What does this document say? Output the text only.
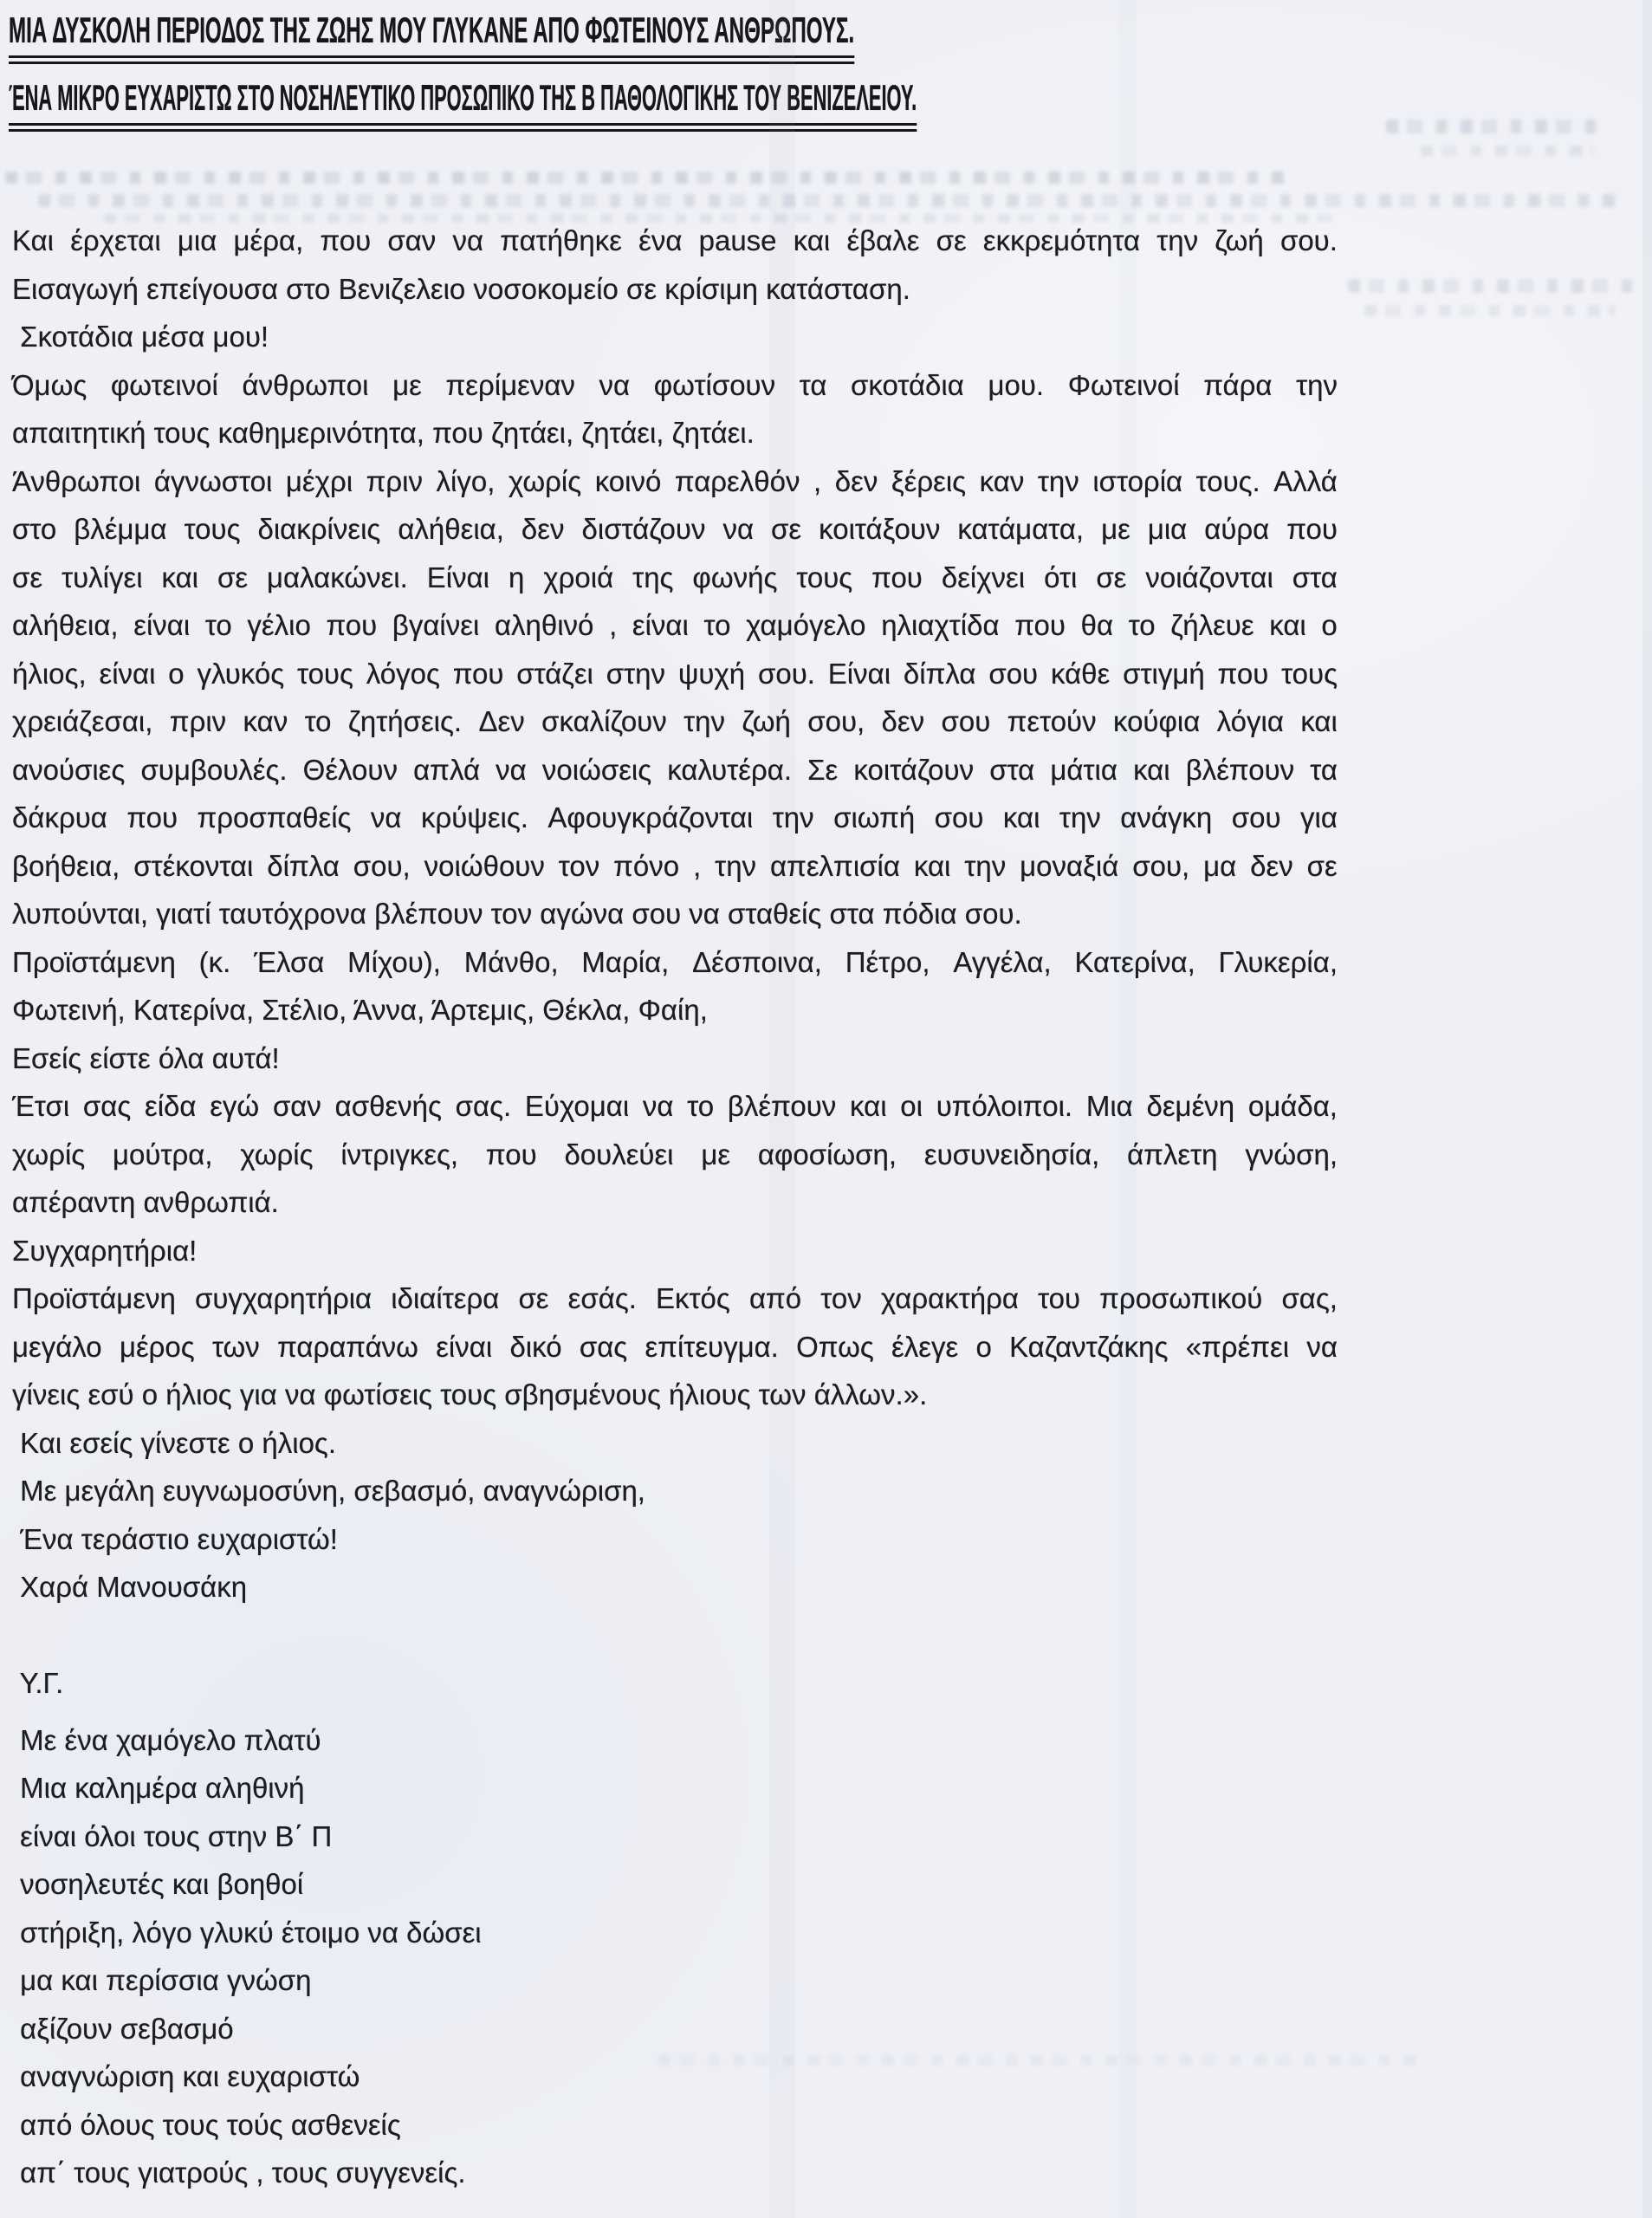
ΜΙΑ ΔΥΣΚΟΛΗ ΠΕΡΙΟΔΟΣ ΤΗΣ ΖΩΗΣ ΜΟΥ ΓΛΥΚΑΝΕ ΑΠΟ ΦΩΤΕΙΝΟΥΣ ΑΝΘΡΩΠΟΥΣ.
ΈΝΑ ΜΙΚΡΟ ΕΥΧΑΡΙΣΤΩ ΣΤΟ ΝΟΣΗΛΕΥΤΙΚΟ ΠΡΟΣΩΠΙΚΟ ΤΗΣ Β ΠΑΘΟΛΟΓΙΚΗΣ ΤΟΥ ΒΕΝΙΖΕΛΕΙΟΥ.
Και έρχεται μια μέρα, που σαν να πατήθηκε ένα pause και έβαλε σε εκκρεμότητα την ζωή σου.
Εισαγωγή επείγουσα στο Βενιζελειο νοσοκομείο σε κρίσιμη κατάσταση.
Σκοτάδια μέσα μου!
Όμως φωτεινοί άνθρωποι με περίμεναν να φωτίσουν τα σκοτάδια μου. Φωτεινοί πάρα την
απαιτητική τους καθημερινότητα, που ζητάει, ζητάει, ζητάει.
Άνθρωποι άγνωστοι μέχρι πριν λίγο, χωρίς κοινό παρελθόν , δεν ξέρεις καν την ιστορία τους. Αλλά
στο βλέμμα τους διακρίνεις αλήθεια, δεν διστάζουν να σε κοιτάξουν κατάματα, με μια αύρα που
σε τυλίγει και σε μαλακώνει. Είναι η χροιά της φωνής τους που δείχνει ότι σε νοιάζονται στα
αλήθεια, είναι το γέλιο που βγαίνει αληθινό , είναι το χαμόγελο ηλιαχτίδα που θα το ζήλευε και ο
ήλιος, είναι ο γλυκός τους λόγος που στάζει στην ψυχή σου. Είναι δίπλα σου κάθε στιγμή που τους
χρειάζεσαι, πριν καν το ζητήσεις. Δεν σκαλίζουν την ζωή σου, δεν σου πετούν κούφια λόγια και
ανούσιες συμβουλές. Θέλουν απλά να νοιώσεις καλυτέρα. Σε κοιτάζουν στα μάτια και βλέπουν τα
δάκρυα που προσπαθείς να κρύψεις. Αφουγκράζονται την σιωπή σου και την ανάγκη σου για
βοήθεια, στέκονται δίπλα σου, νοιώθουν τον πόνο , την απελπισία και την μοναξιά σου, μα δεν σε
λυπούνται, γιατί ταυτόχρονα βλέπουν τον αγώνα σου να σταθείς στα πόδια σου.
Προϊστάμενη (κ. Έλσα Μίχου), Μάνθο, Μαρία, Δέσποινα, Πέτρο, Αγγέλα, Κατερίνα, Γλυκερία,
Φωτεινή, Κατερίνα, Στέλιο, Άννα, Άρτεμις, Θέκλα, Φαίη,
Εσείς είστε όλα αυτά!
Έτσι σας είδα εγώ σαν ασθενής σας. Εύχομαι να το βλέπουν και οι υπόλοιποι. Μια δεμένη ομάδα,
χωρίς μούτρα, χωρίς ίντριγκες, που δουλεύει με αφοσίωση, ευσυνειδησία, άπλετη γνώση,
απέραντη ανθρωπιά.
Συγχαρητήρια!
Προϊστάμενη συγχαρητήρια ιδιαίτερα σε εσάς. Εκτός από τον χαρακτήρα του προσωπικού σας,
μεγάλο μέρος των παραπάνω είναι δικό σας επίτευγμα. Οπως έλεγε ο Καζαντζάκης «πρέπει να
γίνεις εσύ ο ήλιος για να φωτίσεις τους σβησμένους ήλιους των άλλων.».
Και εσείς γίνεστε ο ήλιος.
Με μεγάλη ευγνωμοσύνη, σεβασμό, αναγνώριση,
Ένα τεράστιο ευχαριστώ!
Χαρά Μανουσάκη
Υ.Γ.
Με ένα χαμόγελο πλατύ
Μια καλημέρα αληθινή
είναι όλοι τους στην Β΄ Π
νοσηλευτές και βοηθοί
στήριξη, λόγο γλυκύ έτοιμο να δώσει
μα και περίσσια γνώση
αξίζουν σεβασμό
αναγνώριση και ευχαριστώ
από όλους τους τούς ασθενείς
απ΄ τους γιατρούς , τους συγγενείς.
